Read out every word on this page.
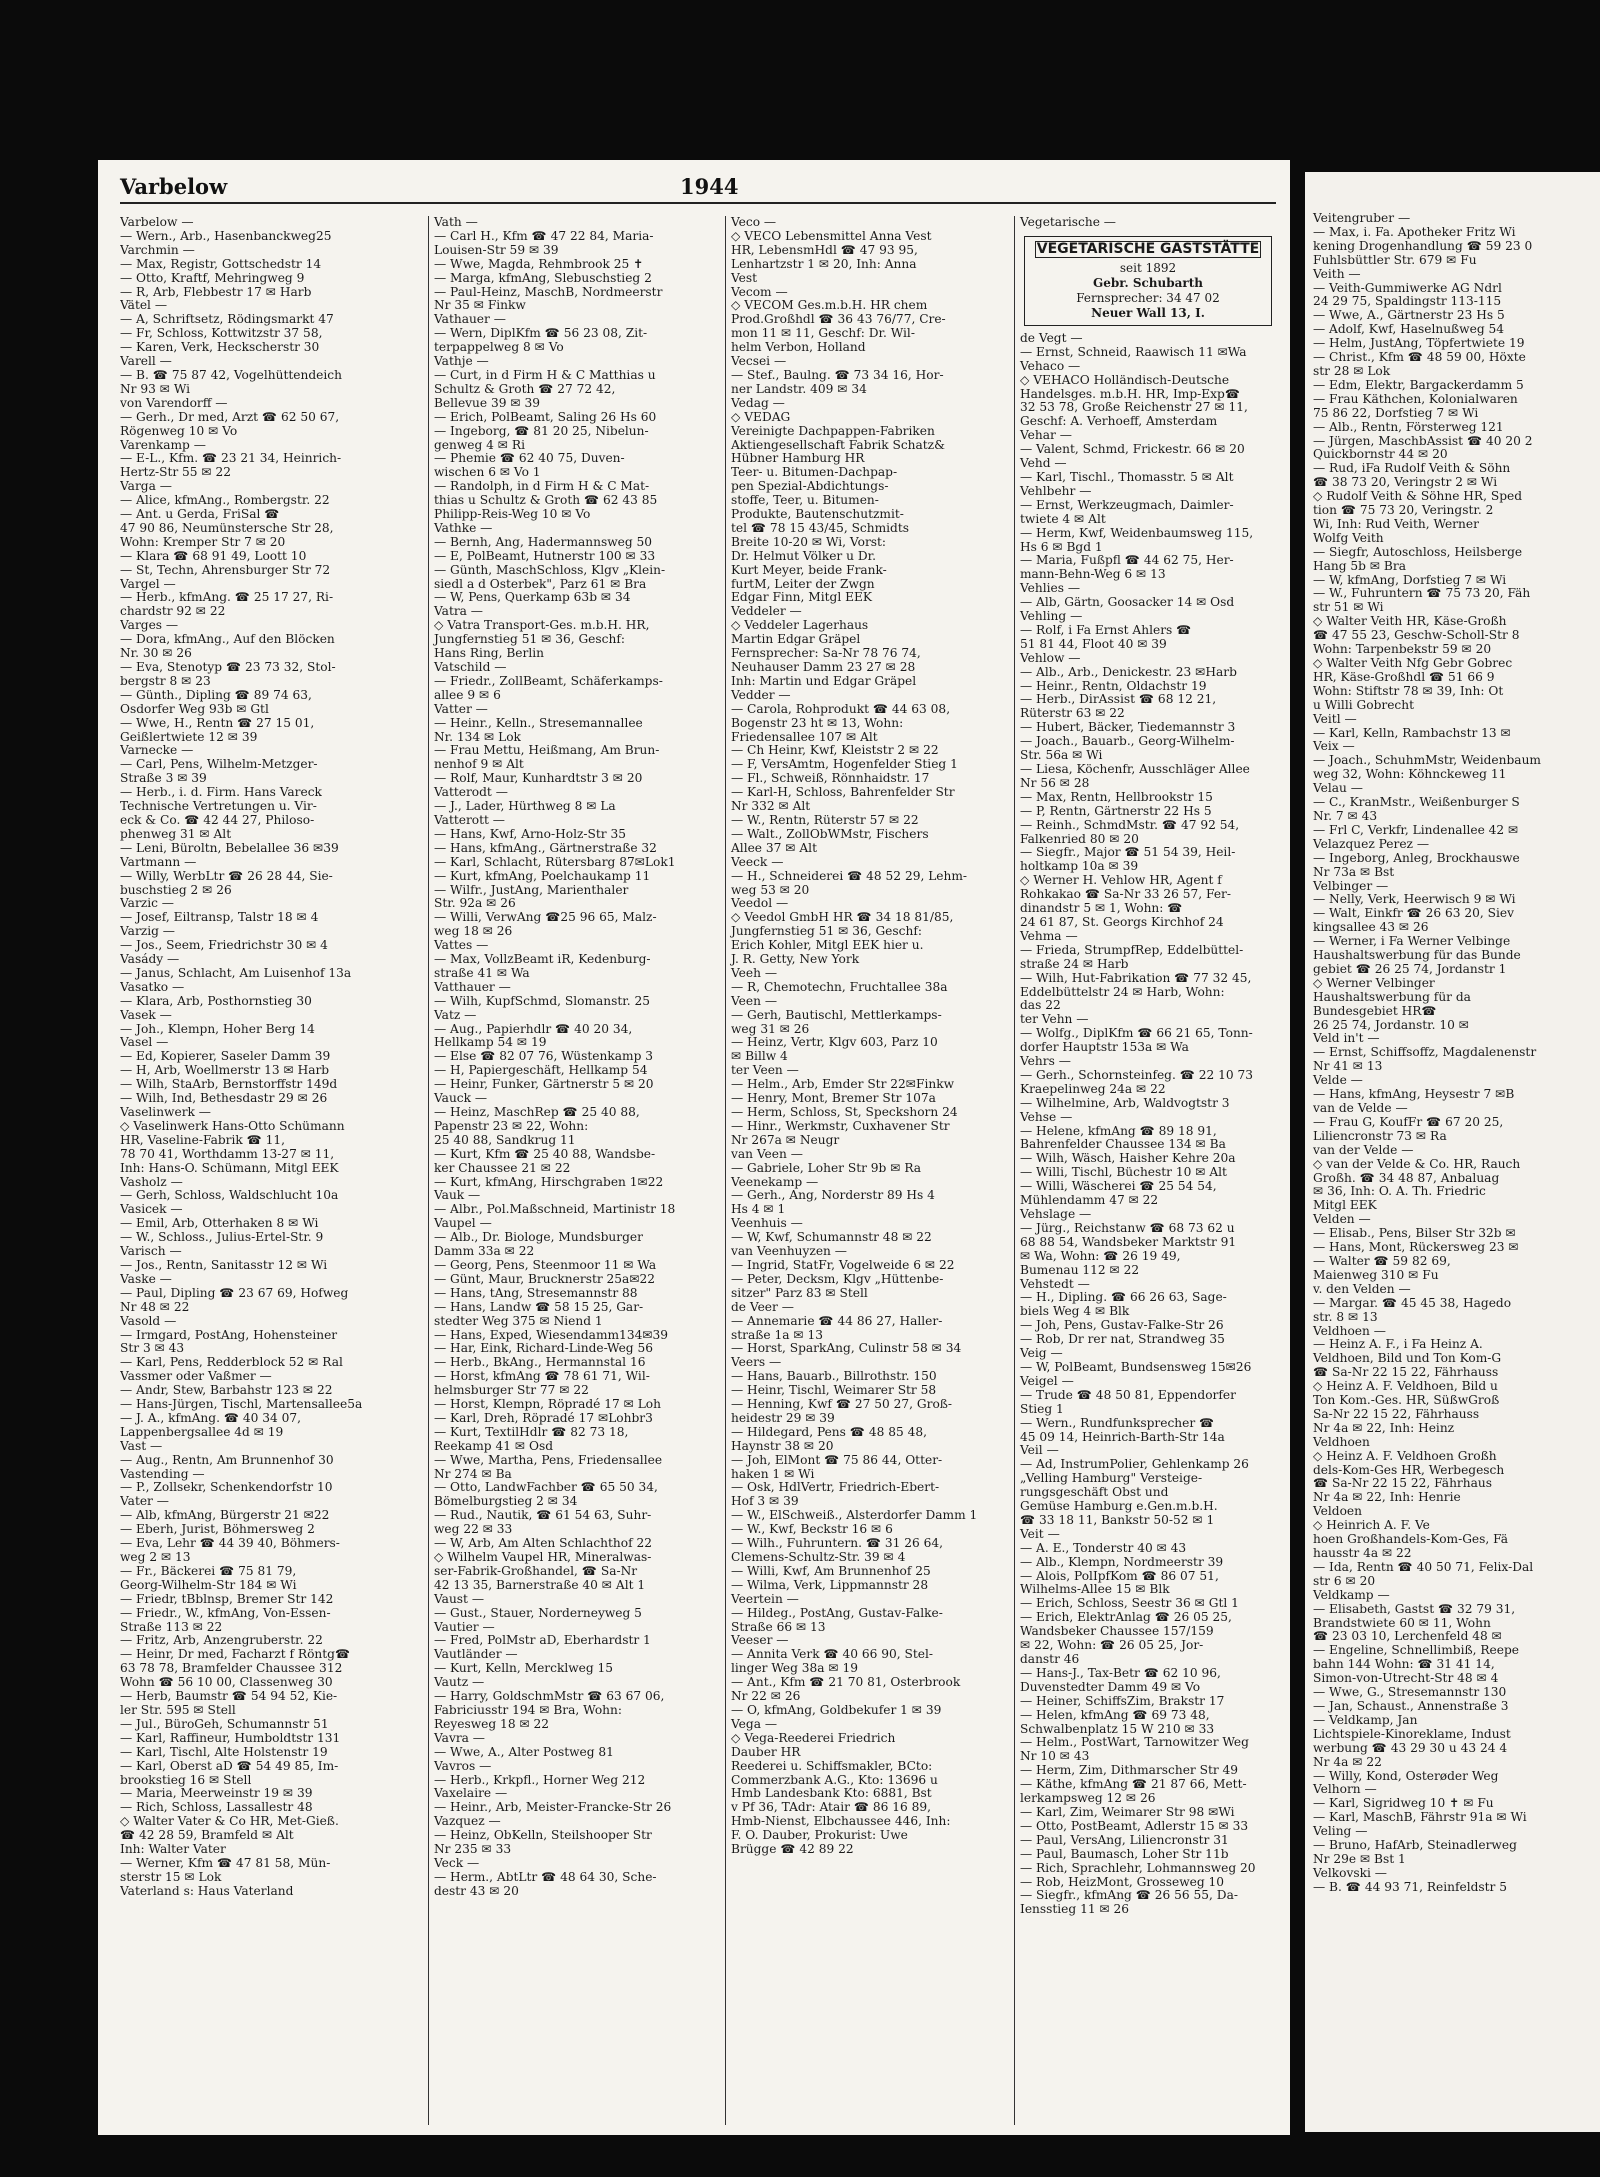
Varbelow	1944
Varbelow —
— Wern., Arb., Hasenbanckweg25
Varchmin —
— Max, Registr, Gottschedstr 14
— Otto, Kraftf, Mehringweg 9
— R, Arb, Flebbestr 17 ✉ Harb
Vätel —
— A, Schriftsetz, Rödingsmarkt 47
— Fr, Schloss, Kottwitzstr 37 58,
— Karen, Verk, Heckscherstr 30
Varell —
— B. ☎ 75 87 42, Vogelhüttendeich
Nr 93 ✉ Wi
von Varendorff —
— Gerh., Dr med, Arzt ☎ 62 50 67,
Rögenweg 10 ✉ Vo
Varenkamp —
— E-L., Kfm. ☎ 23 21 34, Heinrich-
Hertz-Str 55 ✉ 22
Varga —
— Alice, kfmAng., Rombergstr. 22
— Ant. u Gerda, FriSal ☎
47 90 86, Neumünstersche Str 28,
Wohn: Kremper Str 7 ✉ 20
— Klara ☎ 68 91 49, Loott 10
— St, Techn, Ahrensburger Str 72
Vargel —
— Herb., kfmAng. ☎ 25 17 27, Ri-
chardstr 92 ✉ 22
Varges —
— Dora, kfmAng., Auf den Blöcken
Nr. 30 ✉ 26
— Eva, Stenotyp ☎ 23 73 32, Stol-
bergstr 8 ✉ 23
— Günth., Dipling ☎ 89 74 63,
Osdorfer Weg 93b ✉ Gtl
— Wwe, H., Rentn ☎ 27 15 01,
Geißlertwiete 12 ✉ 39
Varnecke —
— Carl, Pens, Wilhelm-Metzger-
Straße 3 ✉ 39
— Herb., i. d. Firm. Hans Vareck
Technische Vertretungen u. Vir-
eck & Co. ☎ 42 44 27, Philoso-
phenweg 31 ✉ Alt
— Leni, Büroltn, Bebelallee 36 ✉39
Vartmann —
— Willy, WerbLtr ☎ 26 28 44, Sie-
buschstieg 2 ✉ 26
Varzic —
— Josef, Eiltransp, Talstr 18 ✉ 4
Varzig —
— Jos., Seem, Friedrichstr 30 ✉ 4
Vasády —
— Janus, Schlacht, Am Luisenhof 13a
Vasatko —
— Klara, Arb, Posthornstieg 30
Vasek —
— Joh., Klempn, Hoher Berg 14
Vasel —
— Ed, Kopierer, Saseler Damm 39
— H, Arb, Woellmerstr 13 ✉ Harb
— Wilh, StaArb, Bernstorffstr 149d
— Wilh, Ind, Bethesdastr 29 ✉ 26
Vaselinwerk —
◇ Vaselinwerk Hans-Otto Schümann
HR, Vaseline-Fabrik ☎ 11,
78 70 41, Worthdamm 13-27 ✉ 11,
Inh: Hans-O. Schümann, Mitgl EEK
Vasholz —
— Gerh, Schloss, Waldschlucht 10a
Vasicek —
— Emil, Arb, Otterhaken 8 ✉ Wi
— W., Schloss., Julius-Ertel-Str. 9
Varisch —
— Jos., Rentn, Sanitasstr 12 ✉ Wi
Vaske —
— Paul, Dipling ☎ 23 67 69, Hofweg
Nr 48 ✉ 22
Vasold —
— Irmgard, PostAng, Hohensteiner
Str 3 ✉ 43
— Karl, Pens, Redderblock 52 ✉ Ral
Vassmer oder Vaßmer —
— Andr, Stew, Barbahstr 123 ✉ 22
— Hans-Jürgen, Tischl, Martensallee5a
— J. A., kfmAng. ☎ 40 34 07,
Lappenbergsallee 4d ✉ 19
Vast —
— Aug., Rentn, Am Brunnenhof 30
Vastending —
— P., Zollsekr, Schenkendorfstr 10
Vater —
— Alb, kfmAng, Bürgerstr 21 ✉22
— Eberh, Jurist, Böhmersweg 2
— Eva, Lehr ☎ 44 39 40, Böhmers-
weg 2 ✉ 13
— Fr., Bäckerei ☎ 75 81 79,
Georg-Wilhelm-Str 184 ✉ Wi
— Friedr, tBblnsp, Bremer Str 142
— Friedr., W., kfmAng, Von-Essen-
Straße 113 ✉ 22
— Fritz, Arb, Anzengruberstr. 22
— Heinr, Dr med, Facharzt f Röntg☎
63 78 78, Bramfelder Chaussee 312
Wohn ☎ 56 10 00, Classenweg 30
— Herb, Baumstr ☎ 54 94 52, Kie-
ler Str. 595 ✉ Stell
— Jul., BüroGeh, Schumannstr 51
— Karl, Raffineur, Humboldtstr 131
— Karl, Tischl, Alte Holstenstr 19
— Karl, Oberst aD ☎ 54 49 85, Im-
brookstieg 16 ✉ Stell
— Maria, Meerweinstr 19 ✉ 39
— Rich, Schloss, Lassallestr 48
◇ Walter Vater & Co HR, Met-Gieß.
☎ 42 28 59, Bramfeld ✉ Alt
Inh: Walter Vater
— Werner, Kfm ☎ 47 81 58, Mün-
sterstr 15 ✉ Lok
Vaterland s: Haus Vaterland
Vath —
— Carl H., Kfm ☎ 47 22 84, Maria-
Louisen-Str 59 ✉ 39
— Wwe, Magda, Rehmbrook 25 ✝
— Marga, kfmAng, Slebuschstieg 2
— Paul-Heinz, MaschB, Nordmeerstr
Nr 35 ✉ Finkw
Vathauer —
— Wern, DiplKfm ☎ 56 23 08, Zit-
terpappelweg 8 ✉ Vo
Vathje —
— Curt, in d Firm H & C Matthias u
Schultz & Groth ☎ 27 72 42,
Bellevue 39 ✉ 39
— Erich, PolBeamt, Saling 26 Hs 60
— Ingeborg, ☎ 81 20 25, Nibelun-
genweg 4 ✉ Ri
— Phemie ☎ 62 40 75, Duven-
wischen 6 ✉ Vo 1
— Randolph, in d Firm H & C Mat-
thias u Schultz & Groth ☎ 62 43 85
Philipp-Reis-Weg 10 ✉ Vo
Vathke —
— Bernh, Ang, Hadermannsweg 50
— E, PolBeamt, Hutnerstr 100 ✉ 33
— Günth, MaschSchloss, Klgv „Klein-
siedl a d Osterbek", Parz 61 ✉ Bra
— W, Pens, Querkamp 63b ✉ 34
Vatra —
◇ Vatra Transport-Ges. m.b.H. HR,
Jungfernstieg 51 ✉ 36, Geschf:
Hans Ring, Berlin
Vatschild —
— Friedr., ZollBeamt, Schäferkamps-
allee 9 ✉ 6
Vatter —
— Heinr., Kelln., Stresemannallee
Nr. 134 ✉ Lok
— Frau Mettu, Heißmang, Am Brun-
nenhof 9 ✉ Alt
— Rolf, Maur, Kunhardtstr 3 ✉ 20
Vatterodt —
— J., Lader, Hürthweg 8 ✉ La
Vatterott —
— Hans, Kwf, Arno-Holz-Str 35
— Hans, kfmAng., Gärtnerstraße 32
— Karl, Schlacht, Rütersbarg 87✉Lok1
— Kurt, kfmAng, Poelchaukamp 11
— Wilfr., JustAng, Marienthaler
Str. 92a ✉ 26
— Willi, VerwAng ☎25 96 65, Malz-
weg 18 ✉ 26
Vattes —
— Max, VollzBeamt iR, Kedenburg-
straße 41 ✉ Wa
Vatthauer —
— Wilh, KupfSchmd, Slomanstr. 25
Vatz —
— Aug., Papierhdlr ☎ 40 20 34,
Hellkamp 54 ✉ 19
— Else ☎ 82 07 76, Wüstenkamp 3
— H, Papiergeschäft, Hellkamp 54
— Heinr, Funker, Gärtnerstr 5 ✉ 20
Vauck —
— Heinz, MaschRep ☎ 25 40 88,
Papenstr 23 ✉ 22, Wohn:
25 40 88, Sandkrug 11
— Kurt, Kfm ☎ 25 40 88, Wandsbe-
ker Chaussee 21 ✉ 22
— Kurt, kfmAng, Hirschgraben 1✉22
Vauk —
— Albr., Pol.Maßschneid, Martinistr 18
Vaupel —
— Alb., Dr. Biologe, Mundsburger
Damm 33a ✉ 22
— Georg, Pens, Steenmoor 11 ✉ Wa
— Günt, Maur, Brucknerstr 25a✉22
— Hans, tAng, Stresemannstr 88
— Hans, Landw ☎ 58 15 25, Gar-
stedter Weg 375 ✉ Niend 1
— Hans, Exped, Wiesendamm134✉39
— Har, Eink, Richard-Linde-Weg 56
— Herb., BkAng., Hermannstal 16
— Horst, kfmAng ☎ 78 61 71, Wil-
helmsburger Str 77 ✉ 22
— Horst, Klempn, Röpradé 17 ✉ Loh
— Karl, Dreh, Röpradé 17 ✉Lohbr3
— Kurt, TextilHdlr ☎ 82 73 18,
Reekamp 41 ✉ Osd
— Wwe, Martha, Pens, Friedensallee
Nr 274 ✉ Ba
— Otto, LandwFachber ☎ 65 50 34,
Bömelburgstieg 2 ✉ 34
— Rud., Nautik, ☎ 61 54 63, Suhr-
weg 22 ✉ 33
— W, Arb, Am Alten Schlachthof 22
◇ Wilhelm Vaupel HR, Mineralwas-
ser-Fabrik-Großhandel, ☎ Sa-Nr
42 13 35, Barnerstraße 40 ✉ Alt 1
Vaust —
— Gust., Stauer, Norderneyweg 5
Vautier —
— Fred, PolMstr aD, Eberhardstr 1
Vautländer —
— Kurt, Kelln, Mercklweg 15
Vautz —
— Harry, GoldschmMstr ☎ 63 67 06,
Fabriciusstr 194 ✉ Bra, Wohn:
Reyesweg 18 ✉ 22
Vavra —
— Wwe, A., Alter Postweg 81
Vavros —
— Herb., Krkpfl., Horner Weg 212
Vaxelaire —
— Heinr., Arb, Meister-Francke-Str 26
Vazquez —
— Heinz, ObKelln, Steilshooper Str
Nr 235 ✉ 33
Veck —
— Herm., AbtLtr ☎ 48 64 30, Sche-
destr 43 ✉ 20
Veco —
◇ VECO Lebensmittel Anna Vest
HR, LebensmHdl ☎ 47 93 95,
Lenhartzstr 1 ✉ 20, Inh: Anna
Vest
Vecom —
◇ VECOM Ges.m.b.H. HR chem
Prod.Großhdl ☎ 36 43 76/77, Cre-
mon 11 ✉ 11, Geschf: Dr. Wil-
helm Verbon, Holland
Vecsei —
— Stef., Baulng. ☎ 73 34 16, Hor-
ner Landstr. 409 ✉ 34
Vedag —
◇ VEDAG
Vereinigte Dachpappen-Fabriken
Aktiengesellschaft Fabrik Schatz&
Hübner Hamburg HR
Teer- u. Bitumen-Dachpap-
pen Spezial-Abdichtungs-
stoffe, Teer, u. Bitumen-
Produkte, Bautenschutzmit-
tel ☎ 78 15 43/45, Schmidts
Breite 10-20 ✉ Wi, Vorst:
Dr. Helmut Völker u Dr.
Kurt Meyer, beide Frank-
furtM, Leiter der Zwgn
Edgar Finn, Mitgl EEK
Veddeler —
◇ Veddeler Lagerhaus
Martin Edgar Gräpel
Fernsprecher: Sa-Nr 78 76 74,
Neuhauser Damm 23 27 ✉ 28
Inh: Martin und Edgar Gräpel
Vedder —
— Carola, Rohprodukt ☎ 44 63 08,
Bogenstr 23 ht ✉ 13, Wohn:
Friedensallee 107 ✉ Alt
— Ch Heinr, Kwf, Kleiststr 2 ✉ 22
— F, VersAmtm, Hogenfelder Stieg 1
— Fl., Schweiß, Rönnhaidstr. 17
— Karl-H, Schloss, Bahrenfelder Str
Nr 332 ✉ Alt
— W., Rentn, Rüterstr 57 ✉ 22
— Walt., ZollObWMstr, Fischers
Allee 37 ✉ Alt
Veeck —
— H., Schneiderei ☎ 48 52 29, Lehm-
weg 53 ✉ 20
Veedol —
◇ Veedol GmbH HR ☎ 34 18 81/85,
Jungfernstieg 51 ✉ 36, Geschf:
Erich Kohler, Mitgl EEK hier u.
J. R. Getty, New York
Veeh —
— R, Chemotechn, Fruchtallee 38a
Veen —
— Gerh, Bautischl, Mettlerkamps-
weg 31 ✉ 26
— Heinz, Vertr, Klgv 603, Parz 10
✉ Billw 4
ter Veen —
— Helm., Arb, Emder Str 22✉Finkw
— Henry, Mont, Bremer Str 107a
— Herm, Schloss, St, Speckshorn 24
— Hinr., Werkmstr, Cuxhavener Str
Nr 267a ✉ Neugr
van Veen —
— Gabriele, Loher Str 9b ✉ Ra
Veenekamp —
— Gerh., Ang, Norderstr 89 Hs 4
Hs 4 ✉ 1
Veenhuis —
— W, Kwf, Schumannstr 48 ✉ 22
van Veenhuyzen —
— Ingrid, StatFr, Vogelweide 6 ✉ 22
— Peter, Decksm, Klgv „Hüttenbe-
sitzer" Parz 83 ✉ Stell
de Veer —
— Annemarie ☎ 44 86 27, Haller-
straße 1a ✉ 13
— Horst, SparkAng, Culinstr 58 ✉ 34
Veers —
— Hans, Bauarb., Billrothstr. 150
— Heinr, Tischl, Weimarer Str 58
— Henning, Kwf ☎ 27 50 27, Groß-
heidestr 29 ✉ 39
— Hildegard, Pens ☎ 48 85 48,
Haynstr 38 ✉ 20
— Joh, ElMont ☎ 75 86 44, Otter-
haken 1 ✉ Wi
— Osk, HdlVertr, Friedrich-Ebert-
Hof 3 ✉ 39
— W., ElSchweiß., Alsterdorfer Damm 1
— W., Kwf, Beckstr 16 ✉ 6
— Wilh., Fuhruntern. ☎ 31 26 64,
Clemens-Schultz-Str. 39 ✉ 4
— Willi, Kwf, Am Brunnenhof 25
— Wilma, Verk, Lippmannstr 28
Veertein —
— Hildeg., PostAng, Gustav-Falke-
Straße 66 ✉ 13
Veeser —
— Annita Verk ☎ 40 66 90, Stel-
linger Weg 38a ✉ 19
— Ant., Kfm ☎ 21 70 81, Osterbrook
Nr 22 ✉ 26
— O, kfmAng, Goldbekufer 1 ✉ 39
Vega —
◇ Vega-Reederei Friedrich
Dauber HR
Reederei u. Schiffsmakler, BCto:
Commerzbank A.G., Kto: 13696 u
Hmb Landesbank Kto: 6881, Bst
v Pf 36, TAdr: Atair ☎ 86 16 89,
Hmb-Nienst, Elbchaussee 446, Inh:
F. O. Dauber, Prokurist: Uwe
Brügge ☎ 42 89 22
Vegetarische —
VEGETARISCHE GASTSTÄTTE
seit 1892
Gebr. Schubarth
Fernsprecher: 34 47 02
Neuer Wall 13, I.
de Vegt —
— Ernst, Schneid, Raawisch 11 ✉Wa
Vehaco —
◇ VEHACO Holländisch-Deutsche
Handelsges. m.b.H. HR, Imp-Exp☎
32 53 78, Große Reichenstr 27 ✉ 11,
Geschf: A. Verhoeff, Amsterdam
Vehar —
— Valent, Schmd, Frickestr. 66 ✉ 20
Vehd —
— Karl, Tischl., Thomasstr. 5 ✉ Alt
Vehlbehr —
— Ernst, Werkzeugmach, Daimler-
twiete 4 ✉ Alt
— Herm, Kwf, Weidenbaumsweg 115,
Hs 6 ✉ Bgd 1
— Maria, Fußpfl ☎ 44 62 75, Her-
mann-Behn-Weg 6 ✉ 13
Vehlies —
— Alb, Gärtn, Goosacker 14 ✉ Osd
Vehling —
— Rolf, i Fa Ernst Ahlers ☎
51 81 44, Floot 40 ✉ 39
Vehlow —
— Alb., Arb., Denickestr. 23 ✉Harb
— Heinr., Rentn, Oldachstr 19
— Herb., DirAssist ☎ 68 12 21,
Rüterstr 63 ✉ 22
— Hubert, Bäcker, Tiedemannstr 3
— Joach., Bauarb., Georg-Wilhelm-
Str. 56a ✉ Wi
— Liesa, Köchenfr, Ausschläger Allee
Nr 56 ✉ 28
— Max, Rentn, Hellbrookstr 15
— P, Rentn, Gärtnerstr 22 Hs 5
— Reinh., SchmdMstr. ☎ 47 92 54,
Falkenried 80 ✉ 20
— Siegfr., Major ☎ 51 54 39, Heil-
holtkamp 10a ✉ 39
◇ Werner H. Vehlow HR, Agent f
Rohkakao ☎ Sa-Nr 33 26 57, Fer-
dinandstr 5 ✉ 1, Wohn: ☎
24 61 87, St. Georgs Kirchhof 24
Vehma —
— Frieda, StrumpfRep, Eddelbüttel-
straße 24 ✉ Harb
— Wilh, Hut-Fabrikation ☎ 77 32 45,
Eddelbüttelstr 24 ✉ Harb, Wohn:
das 22
ter Vehn —
— Wolfg., DiplKfm ☎ 66 21 65, Tonn-
dorfer Hauptstr 153a ✉ Wa
Vehrs —
— Gerh., Schornsteinfeg. ☎ 22 10 73
Kraepelinweg 24a ✉ 22
— Wilhelmine, Arb, Waldvogtstr 3
Vehse —
— Helene, kfmAng ☎ 89 18 91,
Bahrenfelder Chaussee 134 ✉ Ba
— Wilh, Wäsch, Haisher Kehre 20a
— Willi, Tischl, Büchestr 10 ✉ Alt
— Willi, Wäscherei ☎ 25 54 54,
Mühlendamm 47 ✉ 22
Vehslage —
— Jürg., Reichstanw ☎ 68 73 62 u
68 88 54, Wandsbeker Marktstr 91
✉ Wa, Wohn: ☎ 26 19 49,
Bumenau 112 ✉ 22
Vehstedt —
— H., Dipling. ☎ 66 26 63, Sage-
biels Weg 4 ✉ Blk
— Joh, Pens, Gustav-Falke-Str 26
— Rob, Dr rer nat, Strandweg 35
Veig —
— W, PolBeamt, Bundsensweg 15✉26
Veigel —
— Trude ☎ 48 50 81, Eppendorfer
Stieg 1
— Wern., Rundfunksprecher ☎
45 09 14, Heinrich-Barth-Str 14a
Veil —
— Ad, InstrumPolier, Gehlenkamp 26
„Velling Hamburg" Versteige-
rungsgeschäft Obst und
Gemüse Hamburg e.Gen.m.b.H.
☎ 33 18 11, Bankstr 50-52 ✉ 1
Veit —
— A. E., Tonderstr 40 ✉ 43
— Alb., Klempn, Nordmeerstr 39
— Alois, PolIpfKom ☎ 86 07 51,
Wilhelms-Allee 15 ✉ Blk
— Erich, Schloss, Seestr 36 ✉ Gtl 1
— Erich, ElektrAnlag ☎ 26 05 25,
Wandsbeker Chaussee 157/159
✉ 22, Wohn: ☎ 26 05 25, Jor-
danstr 46
— Hans-J., Tax-Betr ☎ 62 10 96,
Duvenstedter Damm 49 ✉ Vo
— Heiner, SchiffsZim, Brakstr 17
— Helen, kfmAng ☎ 69 73 48,
Schwalbenplatz 15 W 210 ✉ 33
— Helm., PostWart, Tarnowitzer Weg
Nr 10 ✉ 43
— Herm, Zim, Dithmarscher Str 49
— Käthe, kfmAng ☎ 21 87 66, Mett-
lerkampsweg 12 ✉ 26
— Karl, Zim, Weimarer Str 98 ✉Wi
— Otto, PostBeamt, Adlerstr 15 ✉ 33
— Paul, VersAng, Liliencronstr 31
— Paul, Baumasch, Loher Str 11b
— Rich, Sprachlehr, Lohmannsweg 20
— Rob, HeizMont, Grosseweg 10
— Siegfr., kfmAng ☎ 26 56 55, Da-
Iensstieg 11 ✉ 26
Veitengruber —
— Max, i. Fa. Apotheker Fritz Wi
kening Drogenhandlung ☎ 59 23 0
Fuhlsbüttler Str. 679 ✉ Fu
Veith —
— Veith-Gummiwerke AG Ndrl
24 29 75, Spaldingstr 113-115
— Wwe, A., Gärtnerstr 23 Hs 5
— Adolf, Kwf, Haselnußweg 54
— Helm, JustAng, Töpfertwiete 19
— Christ., Kfm ☎ 48 59 00, Höxte
str 28 ✉ Lok
— Edm, Elektr, Bargackerdamm 5
— Frau Käthchen, Kolonialwaren
75 86 22, Dorfstieg 7 ✉ Wi
— Alb., Rentn, Försterweg 121
— Jürgen, MaschbAssist ☎ 40 20 2
Quickbornstr 44 ✉ 20
— Rud, iFa Rudolf Veith & Söhn
☎ 38 73 20, Veringstr 2 ✉ Wi
◇ Rudolf Veith & Söhne HR, Sped
tion ☎ 75 73 20, Veringstr. 2
Wi, Inh: Rud Veith, Werner
Wolfg Veith
— Siegfr, Autoschloss, Heilsberge
Hang 5b ✉ Bra
— W, kfmAng, Dorfstieg 7 ✉ Wi
— W., Fuhruntern ☎ 75 73 20, Fäh
str 51 ✉ Wi
◇ Walter Veith HR, Käse-Großh
☎ 47 55 23, Geschw-Scholl-Str 8
Wohn: Tarpenbekstr 59 ✉ 20
◇ Walter Veith Nfg Gebr Gobrec
HR, Käse-Großhdl ☎ 51 66 9
Wohn: Stiftstr 78 ✉ 39, Inh: Ot
u Willi Gobrecht
Veitl —
— Karl, Kelln, Rambachstr 13 ✉
Veix —
— Joach., SchuhmMstr, Weidenbaum
weg 32, Wohn: Köhnckeweg 11
Velau —
— C., KranMstr., Weißenburger S
Nr. 7 ✉ 43
— Frl C, Verkfr, Lindenallee 42 ✉
Velazquez Perez —
— Ingeborg, Anleg, Brockhauswe
Nr 73a ✉ Bst
Velbinger —
— Nelly, Verk, Heerwisch 9 ✉ Wi
— Walt, Einkfr ☎ 26 63 20, Siev
kingsallee 43 ✉ 26
— Werner, i Fa Werner Velbinge
Haushaltswerbung für das Bunde
gebiet ☎ 26 25 74, Jordanstr 1
◇ Werner Velbinger
Haushaltswerbung für da
Bundesgebiet HR☎
26 25 74, Jordanstr. 10 ✉
Veld in't —
— Ernst, Schiffsoffz, Magdalenenstr
Nr 41 ✉ 13
Velde —
— Hans, kfmAng, Heysestr 7 ✉B
van de Velde —
— Frau G, KoufFr ☎ 67 20 25,
Liliencronstr 73 ✉ Ra
van der Velde —
◇ van der Velde & Co. HR, Rauch
Großh. ☎ 34 48 87, Anbaluag
✉ 36, Inh: O. A. Th. Friedric
Mitgl EEK
Velden —
— Elisab., Pens, Bilser Str 32b ✉
— Hans, Mont, Rückersweg 23 ✉
— Walter ☎ 59 82 69,
Maienweg 310 ✉ Fu
v. den Velden —
— Margar. ☎ 45 45 38, Hagedo
str. 8 ✉ 13
Veldhoen —
— Heinz A. F., i Fa Heinz A.
Veldhoen, Bild und Ton Kom-G
☎ Sa-Nr 22 15 22, Fährhauss
◇ Heinz A. F. Veldhoen, Bild u
Ton Kom.-Ges. HR, SüßwGroß
Sa-Nr 22 15 22, Fährhauss
Nr 4a ✉ 22, Inh: Heinz
Veldhoen
◇ Heinz A. F. Veldhoen Großh
dels-Kom-Ges HR, Werbegesch
☎ Sa-Nr 22 15 22, Fährhaus
Nr 4a ✉ 22, Inh: Henrie
Veldoen
◇ Heinrich A. F. Ve
hoen Großhandels-Kom-Ges, Fä
hausstr 4a ✉ 22
— Ida, Rentn ☎ 40 50 71, Felix-Dal
str 6 ✉ 20
Veldkamp —
— Elisabeth, Gastst ☎ 32 79 31,
Brandstwiete 60 ✉ 11, Wohn
☎ 23 03 10, Lerchenfeld 48 ✉
— Engeline, Schnellimbiß, Reepe
bahn 144 Wohn: ☎ 31 41 14,
Simon-von-Utrecht-Str 48 ✉ 4
— Wwe, G., Stresemannstr 130
— Jan, Schaust., Annenstraße 3
— Veldkamp, Jan
Lichtspiele-Kinoreklame, Indust
werbung ☎ 43 29 30 u 43 24 4
Nr 4a ✉ 22
— Willy, Kond, Osterøder Weg
Velhorn —
— Karl, Sigridweg 10 ✝ ✉ Fu
— Karl, MaschB, Fährstr 91a ✉ Wi
Veling —
— Bruno, HafArb, Steinadlerweg
Nr 29e ✉ Bst 1
Velkovski —
— B. ☎ 44 93 71, Reinfeldstr 5
